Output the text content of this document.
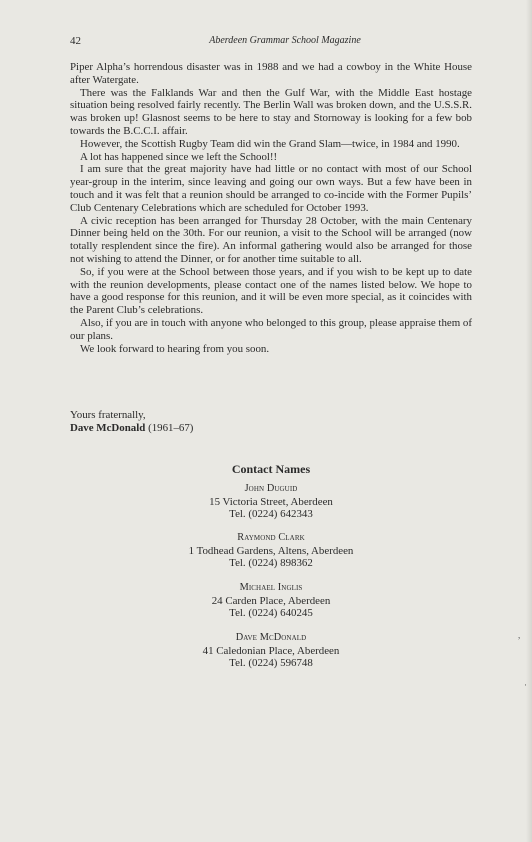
42	Aberdeen Grammar School Magazine

Piper Alpha’s horrendous disaster was in 1988 and we had a cowboy in the White House after Watergate.

There was the Falklands War and then the Gulf War, with the Middle East hostage situation being resolved fairly recently. The Berlin Wall was broken down, and the U.S.S.R. was broken up! Glasnost seems to be here to stay and Stornoway is looking for a few bob towards the B.C.C.I. affair.

However, the Scottish Rugby Team did win the Grand Slam—twice, in 1984 and 1990.

A lot has happened since we left the School!!

I am sure that the great majority have had little or no contact with most of our School year-group in the interim, since leaving and going our own ways. But a few have been in touch and it was felt that a reunion should be arranged to co-incide with the Former Pupils’ Club Centenary Celebrations which are scheduled for October 1993.

A civic reception has been arranged for Thursday 28 October, with the main Centenary Dinner being held on the 30th. For our reunion, a visit to the School will be arranged (now totally resplendent since the fire). An informal gathering would also be arranged for those not wishing to attend the Dinner, or for another time suitable to all.

So, if you were at the School between those years, and if you wish to be kept up to date with the reunion developments, please contact one of the names listed below. We hope to have a good response for this reunion, and it will be even more special, as it coincides with the Parent Club’s celebrations.

Also, if you are in touch with anyone who belonged to this group, please appraise them of our plans.

We look forward to hearing from you soon.

Yours fraternally,
Dave McDonald (1961–67)
Contact Names
John Duguid
15 Victoria Street, Aberdeen
Tel. (0224) 642343
Raymond Clark
1 Todhead Gardens, Altens, Aberdeen
Tel. (0224) 898362
Michael Inglis
24 Carden Place, Aberdeen
Tel. (0224) 640245
Dave McDonald
41 Caledonian Place, Aberdeen
Tel. (0224) 596748
,
·
